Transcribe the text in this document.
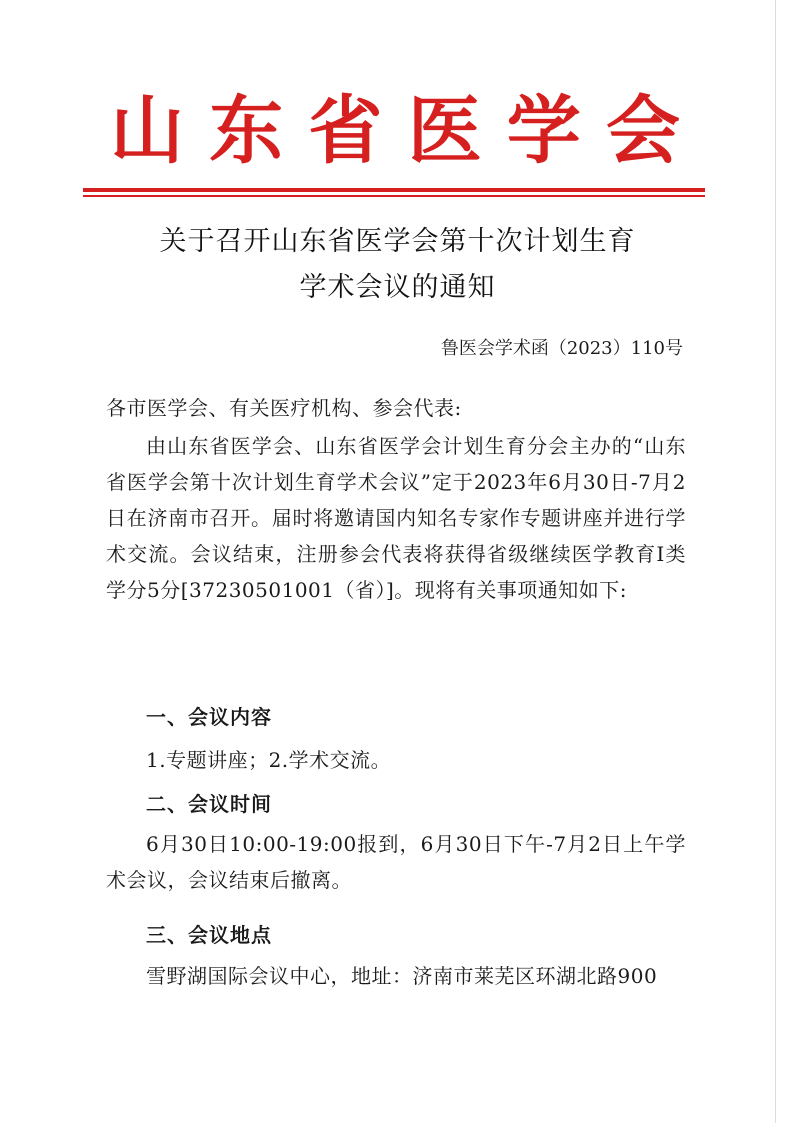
山 东 省 医 学 会
关于召开山东省医学会第十次计划生育
学术会议的通知
鲁医会学术函（2023）110号
各市医学会、有关医疗机构、参会代表:
由山东省医学会、山东省医学会计划生育分会主办的“山东省医学会第十次计划生育学术会议”定于2023年6月30日-7月2日在济南市召开。届时将邀请国内知名专家作专题讲座并进行学术交流。会议结束，注册参会代表将获得省级继续医学教育Ⅰ类学分5分[37230501001（省）]。现将有关事项通知如下:
一、会议内容
1.专题讲座；2.学术交流。
二、会议时间
6月30日10:00-19:00报到，6月30日下午-7月2日上午学术会议，会议结束后撤离。
三、会议地点
雪野湖国际会议中心，地址：济南市莱芜区环湖北路900
